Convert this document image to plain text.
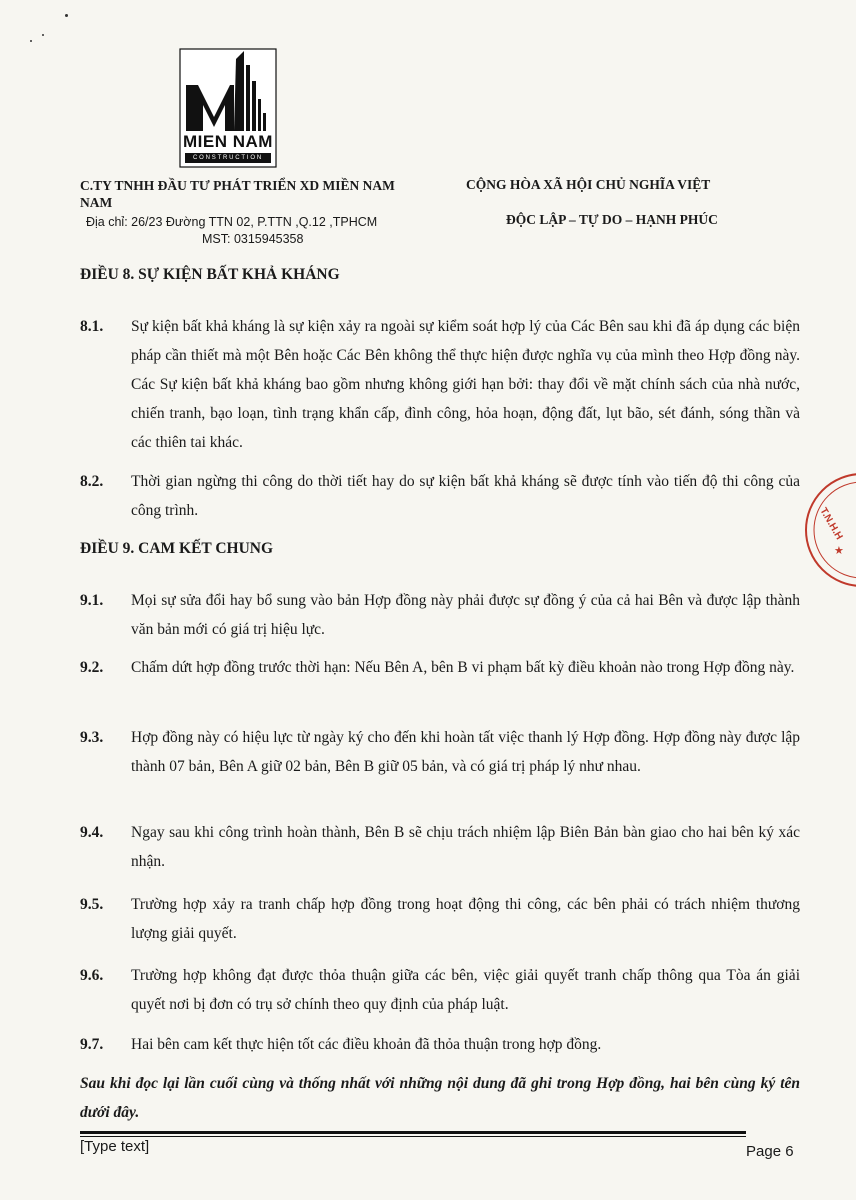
MIEN NAM
CONSTRUCTION
C.TY TNHH ĐẦU TƯ PHÁT TRIỂN XD MIỀN NAM NAM
Địa chỉ: 26/23 Đường TTN 02, P.TTN ,Q.12 ,TPHCM
MST: 0315945358
CỘNG HÒA XÃ HỘI CHỦ NGHĨA VIỆT
ĐỘC LẬP – TỰ DO – HẠNH PHÚC
ĐIỀU 8. SỰ KIỆN BẤT KHẢ KHÁNG
8.1. Sự kiện bất khả kháng là sự kiện xảy ra ngoài sự kiểm soát hợp lý của Các Bên sau khi đã áp dụng các biện pháp cần thiết mà một Bên hoặc Các Bên không thể thực hiện được nghĩa vụ của mình theo Hợp đồng này. Các Sự kiện bất khả kháng bao gồm nhưng không giới hạn bởi: thay đổi về mặt chính sách của nhà nước, chiến tranh, bạo loạn, tình trạng khẩn cấp, đình công, hỏa hoạn, động đất, lụt bão, sét đánh, sóng thần và các thiên tai khác.
8.2. Thời gian ngừng thi công do thời tiết hay do sự kiện bất khả kháng sẽ được tính vào tiến độ thi công của công trình.
ĐIỀU 9. CAM KẾT CHUNG
9.1. Mọi sự sửa đổi hay bổ sung vào bản Hợp đồng này phải được sự đồng ý của cả hai Bên và được lập thành văn bản mới có giá trị hiệu lực.
9.2. Chấm dứt hợp đồng trước thời hạn: Nếu Bên A, bên B vi phạm bất kỳ điều khoản nào trong Hợp đồng này.
9.3. Hợp đồng này có hiệu lực từ ngày ký cho đến khi hoàn tất việc thanh lý Hợp đồng. Hợp đồng này được lập thành 07 bản, Bên A giữ 02 bản, Bên B giữ 05 bản, và có giá trị pháp lý như nhau.
9.4. Ngay sau khi công trình hoàn thành, Bên B sẽ chịu trách nhiệm lập Biên Bản bàn giao cho hai bên ký xác nhận.
9.5. Trường hợp xảy ra tranh chấp hợp đồng trong hoạt động thi công, các bên phải có trách nhiệm thương lượng giải quyết.
9.6. Trường hợp không đạt được thỏa thuận giữa các bên, việc giải quyết tranh chấp thông qua Tòa án giải quyết nơi bị đơn có trụ sở chính theo quy định của pháp luật.
9.7. Hai bên cam kết thực hiện tốt các điều khoản đã thỏa thuận trong hợp đồng.
Sau khi đọc lại lần cuối cùng và thống nhất với những nội dung đã ghi trong Hợp đồng, hai bên cùng ký tên dưới đây.
[Type text]	Page 6
T.N.H.H
★
